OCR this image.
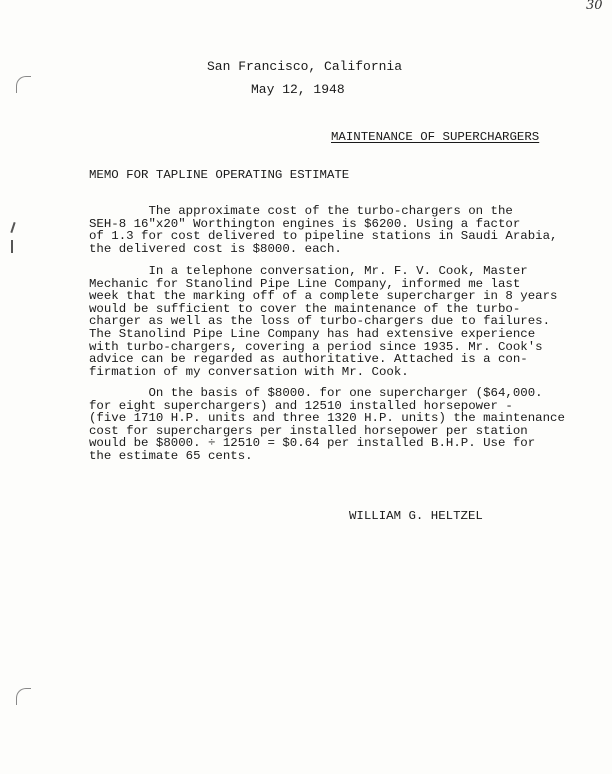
30
San Francisco, California
May 12, 1948
MAINTENANCE OF SUPERCHARGERS
MEMO FOR TAPLINE OPERATING ESTIMATE
The approximate cost of the turbo-chargers on the
SEH-8 16"x20" Worthington engines is $6200. Using a factor
of 1.3 for cost delivered to pipeline stations in Saudi Arabia,
the delivered cost is $8000. each.
In a telephone conversation, Mr. F. V. Cook, Master
Mechanic for Stanolind Pipe Line Company, informed me last
week that the marking off of a complete supercharger in 8 years
would be sufficient to cover the maintenance of the turbo-
charger as well as the loss of turbo-chargers due to failures.
The Stanolind Pipe Line Company has had extensive experience
with turbo-chargers, covering a period since 1935. Mr. Cook's
advice can be regarded as authoritative. Attached is a con-
firmation of my conversation with Mr. Cook.
On the basis of $8000. for one supercharger ($64,000.
for eight superchargers) and 12510 installed horsepower -
(five 1710 H.P. units and three 1320 H.P. units) the maintenance
cost for superchargers per installed horsepower per station
would be $8000. ÷ 12510 = $0.64 per installed B.H.P. Use for
the estimate 65 cents.
WILLIAM G. HELTZEL
